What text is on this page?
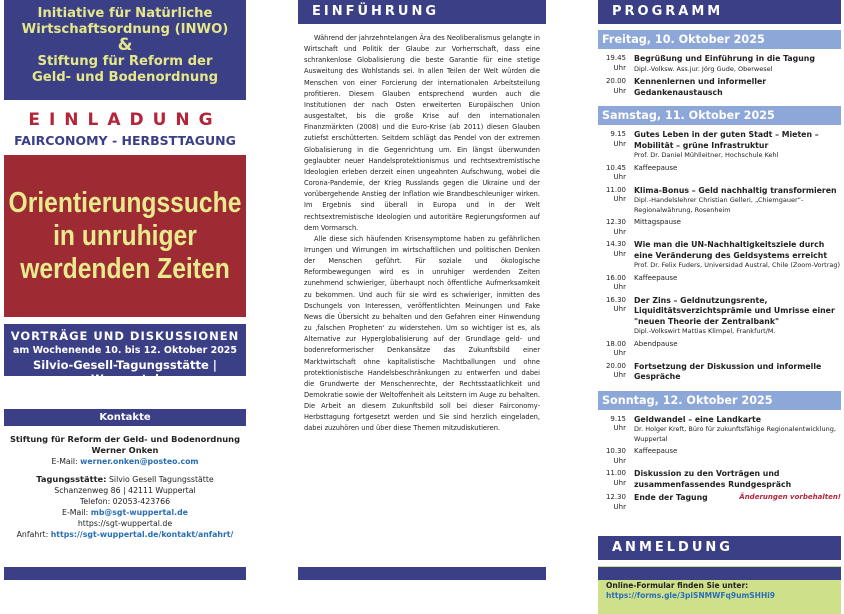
Initiative für Natürliche
Wirtschaftsordnung (INWO)
&
Stiftung für Reform der
Geld- und Bodenordnung
EINLADUNG
FAIRCONOMY - HERBSTTAGUNG
Orientierungssuche
in unruhiger
werdenden Zeiten
VORTRÄGE UND DISKUSSIONEN
am Wochenende 10. bis 12. Oktober 2025
Silvio-Gesell-Tagungsstätte | Wuppertal
Kontakte
Stiftung für Reform der Geld- und Bodenordnung
Werner Onken
E-Mail: werner.onken@posteo.com
Tagungsstätte: Silvio Gesell Tagungsstätte
Schanzenweg 86 | 42111 Wuppertal
Telefon: 02053-423766
E-Mail: mb@sgt-wuppertal.de
https://sgt-wuppertal.de
Anfahrt: https://sgt-wuppertal.de/kontakt/anfahrt/
EINFÜHRUNG

Während der jahrzehntelangen Ära des Neoliberalismus gelangte in Wirtschaft und Politik der Glaube zur Vorherrschaft, dass eine schrankenlose Globalisierung die beste Garantie für eine stetige Ausweitung des Wohlstands sei. In allen Teilen der Welt würden die Menschen von einer Forcierung der internationalen Arbeitsteilung profitieren. Diesem Glauben entsprechend wurden auch die Institutionen der nach Osten erweiterten Europäischen Union ausgestaltet, bis die große Krise auf den internationalen Finanzmärkten (2008) und die Euro-Krise (ab 2011) diesen Glauben zutiefst erschütterten. Seitdem schlägt das Pendel von der extremen Globalisierung in die Gegenrichtung um. Ein längst überwunden geglaubter neuer Handelsprotektionismus und rechtsextremistische Ideologien erleben derzeit einen ungeahnten Aufschwung, wobei die Corona-Pandemie, der Krieg Russlands gegen die Ukraine und der vorübergehende Anstieg der Inflation wie Brandbeschleuniger wirken. Im Ergebnis sind überall in Europa und in der Welt rechtsextremistische Ideologien und autoritäre Regierungsformen auf dem Vormarsch.

Alle diese sich häufenden Krisensymptome haben zu gefährlichen Irrungen und Wirrungen im wirtschaftlichen und politischen Denken der Menschen geführt. Für soziale und ökologische Reformbewegungen wird es in unruhiger werdenden Zeiten zunehmend schwieriger, überhaupt noch öffentliche Aufmerksamkeit zu bekommen. Und auch für sie wird es schwieriger, inmitten des Dschungels von Interessen, veröffentlichten Meinungen und Fake News die Übersicht zu behalten und den Gefahren einer Hinwendung zu ‚falschen Propheten‘ zu widerstehen. Um so wichtiger ist es, als Alternative zur Hyperglobalisierung auf der Grundlage geld- und bodenreformerischer Denkansätze das Zukunftsbild einer Marktwirtschaft ohne kapitalistische Machtballungen und ohne protektionistische Handelsbeschränkungen zu entwerfen und dabei die Grundwerte der Menschenrechte, der Rechtsstaatlichkeit und Demokratie sowie der Weltoffenheit als Leitstern im Auge zu behalten. Die Arbeit an diesem Zukunftsbild soll bei dieser Fairconomy-Herbsttagung fortgesetzt werden und Sie sind herzlich eingeladen, dabei zuzuhören und über diese Themen mitzudiskutieren.

PROGRAMM
Freitag, 10. Oktober 2025
19.45 Uhr
Begrüßung und Einführung in die Tagung
Dipl.-Volksw. Ass.jur. Jörg Gude, Oberwesel
20.00 Uhr
Kennenlernen und informeller Gedankenaustausch
Samstag, 11. Oktober 2025
9.15 Uhr
Gutes Leben in der guten Stadt – Mieten – Mobilität – grüne Infrastruktur
Prof. Dr. Daniel Mühlleitner, Hochschule Kehl
10.45 Uhr
Kaffeepause
11.00 Uhr
Klima-Bonus – Geld nachhaltig transformieren
Dipl.-Handelslehrer Christian Gelleri, „Chiemgauer“-Regionalwährung, Rosenheim
12.30 Uhr
Mittagspause
14.30 Uhr
Wie man die UN-Nachhaltigkeitsziele durch eine Veränderung des Geldsystems erreicht
Prof. Dr. Felix Fuders, Universidad Austral, Chile (Zoom-Vortrag)
16.00 Uhr
Kaffeepause
16.30 Uhr
Der Zins – Geldnutzungsrente, Liquiditätsverzichtsprämie und Umrisse einer "neuen Theorie der Zentralbank"
Dipl.-Volkswirt Mattias Klimpel, Frankfurt/M.
18.00 Uhr
Abendpause
20.00 Uhr
Fortsetzung der Diskussion und informelle Gespräche
Sonntag, 12. Oktober 2025
9.15 Uhr
Geldwandel – eine Landkarte
Dr. Holger Kreft, Büro für zukunftsfähige Regionalentwicklung, Wuppertal
10.30 Uhr
Kaffeepause
11.00 Uhr
Diskussion zu den Vorträgen und zusammenfassendes Rundgespräch
12.30 Uhr
Ende der Tagung	Änderungen vorbehalten!
ANMELDUNG
Online-Formular finden Sie unter:
https://forms.gle/3piSNMWFq9umSHHi9
